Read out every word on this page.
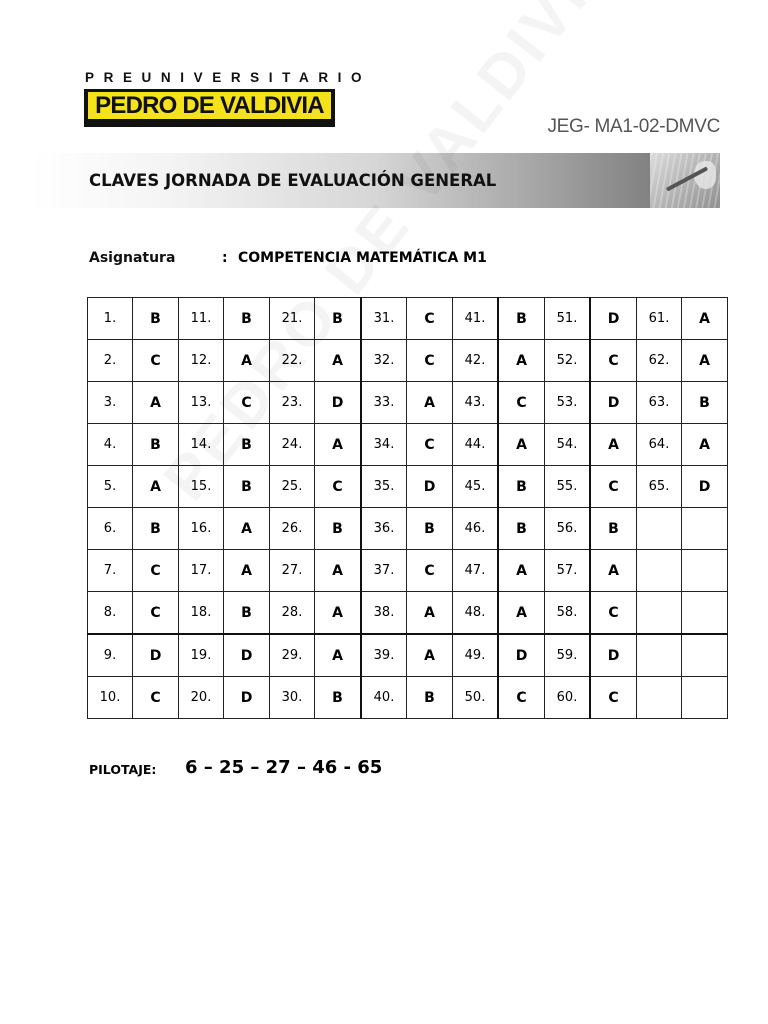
PREUNIVERSITARIO
PEDRO DE VALDIVIA
JEG- MA1-02-DMVC
CLAVES JORNADA DE EVALUACIÓN GENERAL
Asignatura	: COMPETENCIA MATEMÁTICA M1
1.	B	11.	B	21.	B	31.	C	41.	B	51.	D	61.	A
2.	C	12.	A	22.	A	32.	C	42.	A	52.	C	62.	A
3.	A	13.	C	23.	D	33.	A	43.	C	53.	D	63.	B
4.	B	14.	B	24.	A	34.	C	44.	A	54.	A	64.	A
5.	A	15.	B	25.	C	35.	D	45.	B	55.	C	65.	D
6.	B	16.	A	26.	B	36.	B	46.	B	56.	B		
7.	C	17.	A	27.	A	37.	C	47.	A	57.	A		
8.	C	18.	B	28.	A	38.	A	48.	A	58.	C		
9.	D	19.	D	29.	A	39.	A	49.	D	59.	D		
10.	C	20.	D	30.	B	40.	B	50.	C	60.	C		
PILOTAJE: 6 – 25 – 27 – 46 - 65
